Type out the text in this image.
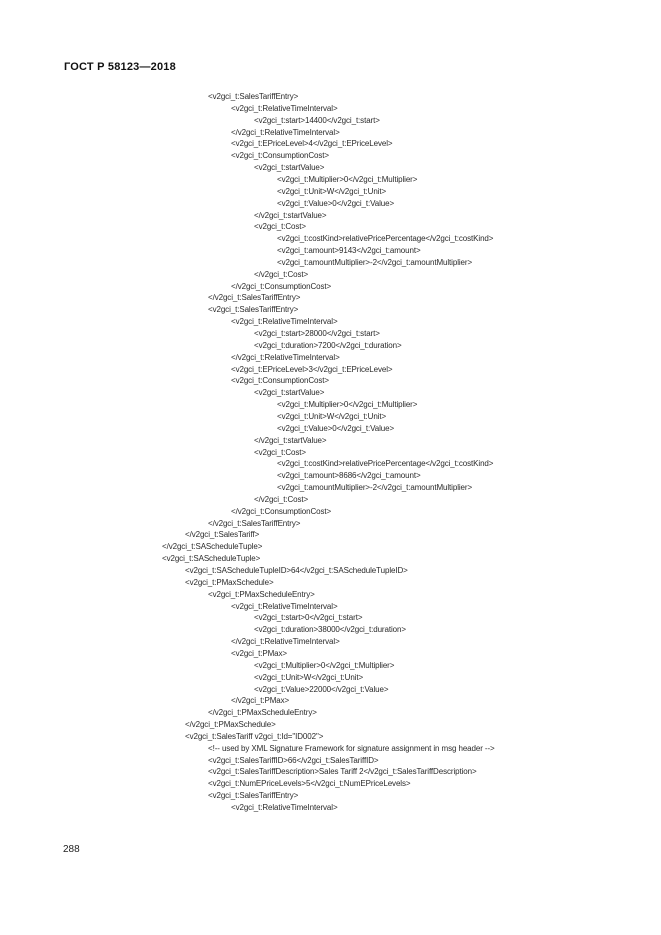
ГОСТ Р 58123—2018
<v2gci_t:SalesTariffEntry>
<v2gci_t:RelativeTimeInterval>
<v2gci_t:start>14400</v2gci_t:start>
</v2gci_t:RelativeTimeInterval>
<v2gci_t:EPriceLevel>4</v2gci_t:EPriceLevel>
<v2gci_t:ConsumptionCost>
<v2gci_t:startValue>
<v2gci_t:Multiplier>0</v2gci_t:Multiplier>
<v2gci_t:Unit>W</v2gci_t:Unit>
<v2gci_t:Value>0</v2gci_t:Value>
</v2gci_t:startValue>
<v2gci_t:Cost>
<v2gci_t:costKind>relativePricePercentage</v2gci_t:costKind>
<v2gci_t:amount>9143</v2gci_t:amount>
<v2gci_t:amountMultiplier>-2</v2gci_t:amountMultiplier>
</v2gci_t:Cost>
</v2gci_t:ConsumptionCost>
</v2gci_t:SalesTariffEntry>
<v2gci_t:SalesTariffEntry>
<v2gci_t:RelativeTimeInterval>
<v2gci_t:start>28000</v2gci_t:start>
<v2gci_t:duration>7200</v2gci_t:duration>
</v2gci_t:RelativeTimeInterval>
<v2gci_t:EPriceLevel>3</v2gci_t:EPriceLevel>
<v2gci_t:ConsumptionCost>
<v2gci_t:startValue>
<v2gci_t:Multiplier>0</v2gci_t:Multiplier>
<v2gci_t:Unit>W</v2gci_t:Unit>
<v2gci_t:Value>0</v2gci_t:Value>
</v2gci_t:startValue>
<v2gci_t:Cost>
<v2gci_t:costKind>relativePricePercentage</v2gci_t:costKind>
<v2gci_t:amount>8686</v2gci_t:amount>
<v2gci_t:amountMultiplier>-2</v2gci_t:amountMultiplier>
</v2gci_t:Cost>
</v2gci_t:ConsumptionCost>
</v2gci_t:SalesTariffEntry>
</v2gci_t:SalesTariff>
</v2gci_t:SAScheduleTuple>
<v2gci_t:SAScheduleTuple>
<v2gci_t:SAScheduleTupleID>64</v2gci_t:SAScheduleTupleID>
<v2gci_t:PMaxSchedule>
<v2gci_t:PMaxScheduleEntry>
<v2gci_t:RelativeTimeInterval>
<v2gci_t:start>0</v2gci_t:start>
<v2gci_t:duration>38000</v2gci_t:duration>
</v2gci_t:RelativeTimeInterval>
<v2gci_t:PMax>
<v2gci_t:Multiplier>0</v2gci_t:Multiplier>
<v2gci_t:Unit>W</v2gci_t:Unit>
<v2gci_t:Value>22000</v2gci_t:Value>
</v2gci_t:PMax>
</v2gci_t:PMaxScheduleEntry>
</v2gci_t:PMaxSchedule>
<v2gci_t:SalesTariff v2gci_t:Id="ID002">
<!-- used by XML Signature Framework for signature assignment in msg header -->
<v2gci_t:SalesTariffID>66</v2gci_t:SalesTariffID>
<v2gci_t:SalesTariffDescription>Sales Tariff 2</v2gci_t:SalesTariffDescription>
<v2gci_t:NumEPriceLevels>5</v2gci_t:NumEPriceLevels>
<v2gci_t:SalesTariffEntry>
<v2gci_t:RelativeTimeInterval>
288
